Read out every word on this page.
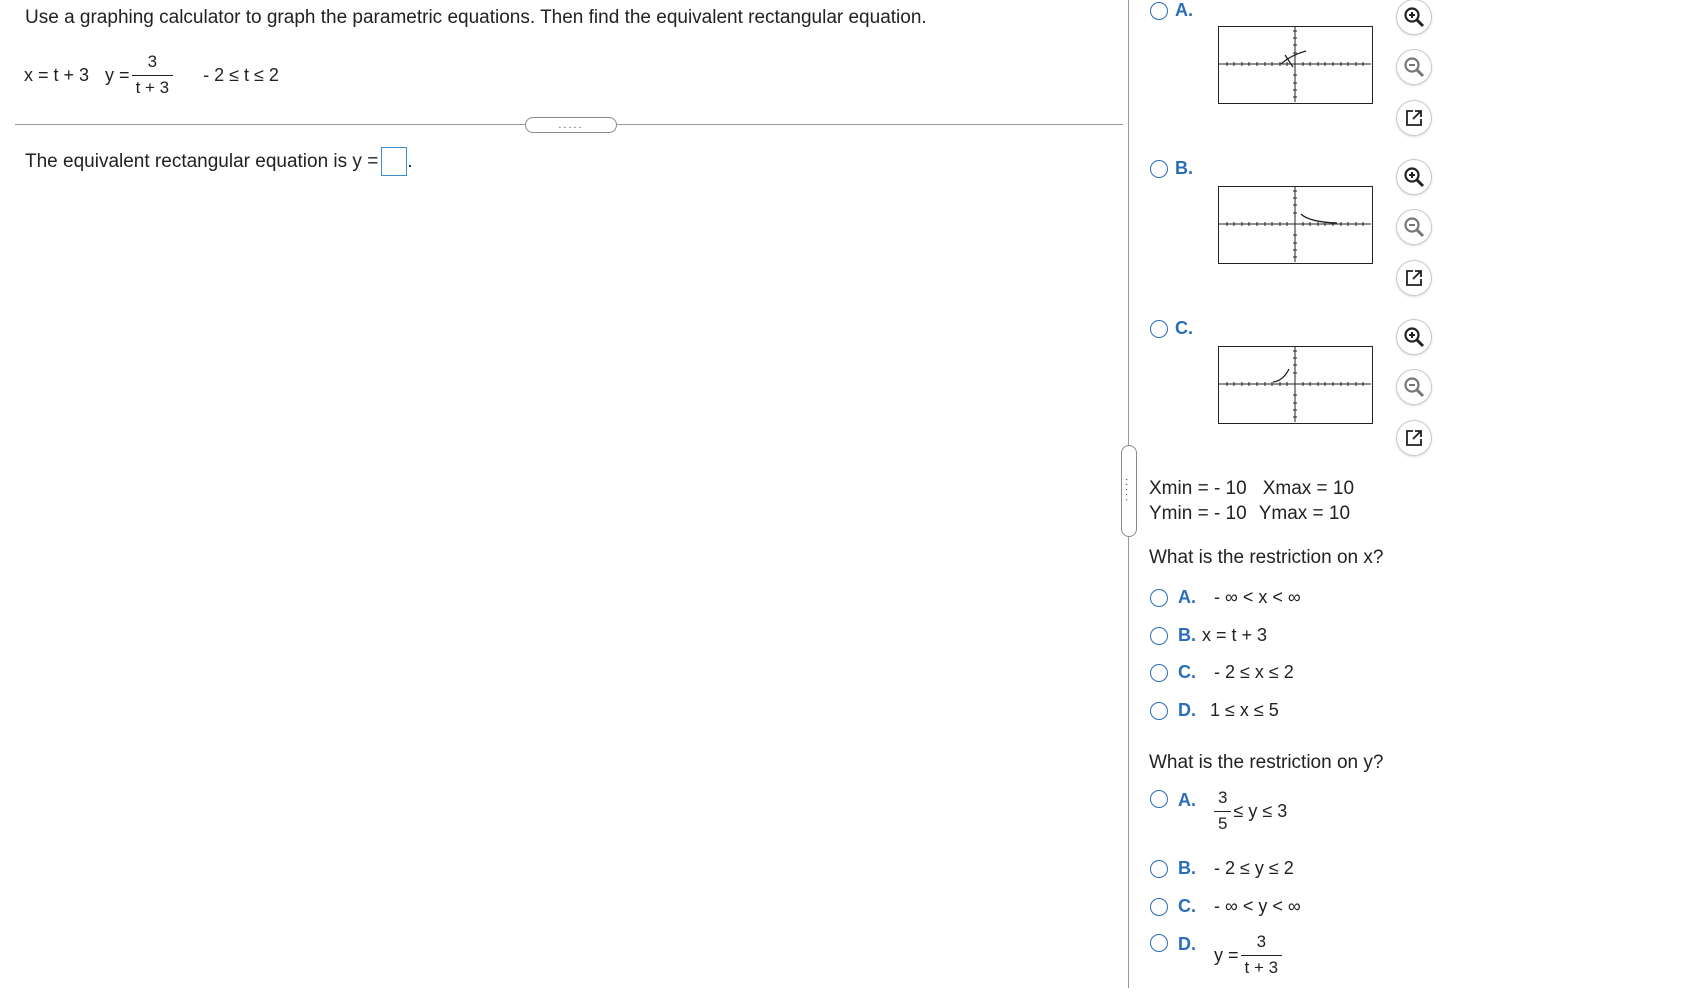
Use a graphing calculator to graph the parametric equations. Then find the equivalent rectangular equation.
x = t + 3 $y = \frac{3}{t + 3} - 2 \le t \le 2$
.....
The equivalent rectangular equation is y = .
.....
A.
B.
C.
Xmin = - 10 Xmax = 10
Ymin = - 10 Ymax = 10
What is the restriction on x?
A.	- ∞ < x < ∞
B. x = t + 3
C.	- 2 ≤ x ≤ 2
D. 1 ≤ x ≤ 5
What is the restriction on y?
A.	$\frac{3}{5} \le y \le 3$
B.	- 2 ≤ y ≤ 2
C.	- ∞ < y < ∞
D.
$y = \frac{3}{t + 3}$
